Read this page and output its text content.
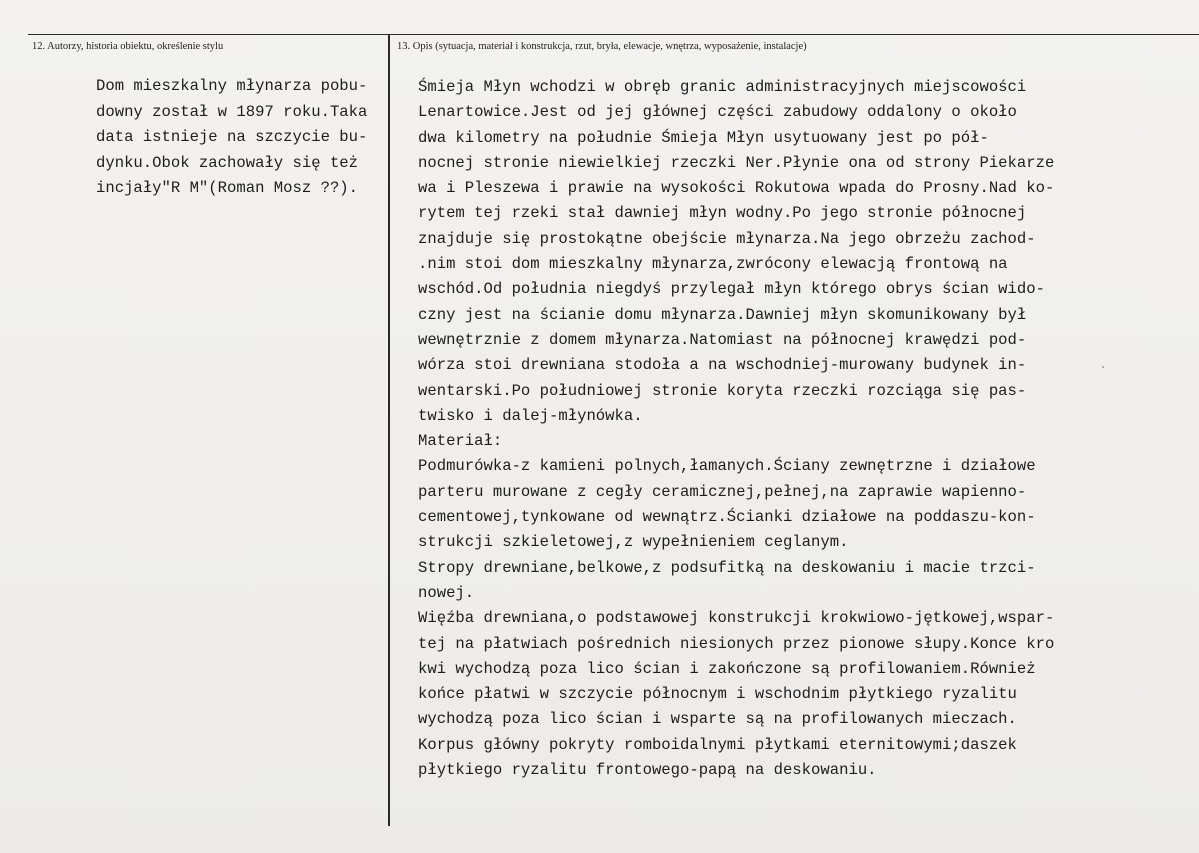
12. Autorzy, historia obiektu, określenie stylu	13. Opis (sytuacja, materiał i konstrukcja, rzut, bryła, elewacje, wnętrza, wyposażenie, instalacje)
Dom mieszkalny młynarza pobu-
downy został w 1897 roku.Taka
data istnieje na szczycie bu-
dynku.Obok zachowały się też
incjały"R M"(Roman Mosz ??).
Śmieja Młyn wchodzi w obręb granic administracyjnych miejscowości
Lenartowice.Jest od jej głównej części zabudowy oddalony o około
dwa kilometry na południe Śmieja Młyn usytuowany jest po pół-
nocnej stronie niewielkiej rzeczki Ner.Płynie ona od strony Piekarze
wa i Pleszewa i prawie na wysokości Rokutowa wpada do Prosny.Nad ko-
rytem tej rzeki stał dawniej młyn wodny.Po jego stronie północnej
znajduje się prostokątne obejście młynarza.Na jego obrzeżu zachod-
.nim stoi dom mieszkalny młynarza,zwrócony elewacją frontową na
wschód.Od południa niegdyś przylegał młyn którego obrys ścian wido-
czny jest na ścianie domu młynarza.Dawniej młyn skomunikowany był
wewnętrznie z domem młynarza.Natomiast na północnej krawędzi pod-
wórza stoi drewniana stodoła a na wschodniej-murowany budynek in-
wentarski.Po południowej stronie koryta rzeczki rozciąga się pas-
twisko i dalej-młynówka.
Materiał:
Podmurówka-z kamieni polnych,łamanych.Ściany zewnętrzne i działowe
parteru murowane z cegły ceramicznej,pełnej,na zaprawie wapienno-
cementowej,tynkowane od wewnątrz.Ścianki działowe na poddaszu-kon-
strukcji szkieletowej,z wypełnieniem ceglanym.
Stropy drewniane,belkowe,z podsufitką na deskowaniu i macie trzci-
nowej.
Więźba drewniana,o podstawowej konstrukcji krokwiowo-jętkowej,wspar-
tej na płatwiach pośrednich niesionych przez pionowe słupy.Konce kro
kwi wychodzą poza lico ścian i zakończone są profilowaniem.Również
końce płatwi w szczycie północnym i wschodnim płytkiego ryzalitu
wychodzą poza lico ścian i wsparte są na profilowanych mieczach.
Korpus główny pokryty romboidalnymi płytkami eternitowymi;daszek
płytkiego ryzalitu frontowego-papą na deskowaniu.
